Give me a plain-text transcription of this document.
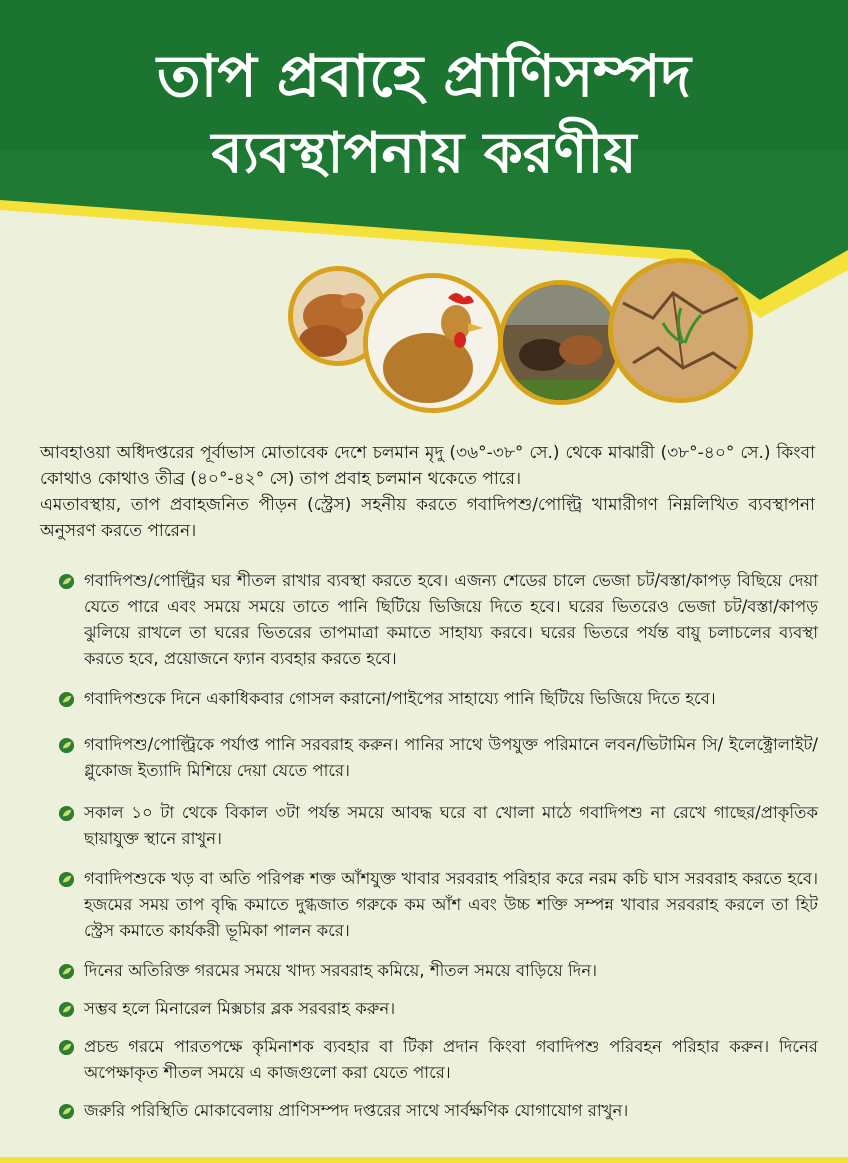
তাপ প্রবাহে প্রাণিসম্পদ
ব্যবস্থাপনায় করণীয়
আবহাওয়া অধিদপ্তরের পূর্বাভাস মোতাবেক দেশে চলমান মৃদু (৩৬°-৩৮° সে.) থেকে মাঝারী (৩৮°-৪০° সে.) কিংবা কোথাও কোথাও তীব্র (৪০°-৪২° সে) তাপ প্রবাহ চলমান থকেতে পারে।
এমতাবস্থায়, তাপ প্রবাহজনিত পীড়ন (স্ট্রেস) সহনীয় করতে গবাদিপশু/পোল্ট্রি খামারীগণ নিম্নলিখিত ব্যবস্থাপনা অনুসরণ করতে পারেন।
গবাদিপশু/পোল্ট্রির ঘর শীতল রাখার ব্যবস্থা করতে হবে। এজন্য শেডের চালে ভেজা চট/বস্তা/কাপড় বিছিয়ে দেয়া যেতে পারে এবং সময়ে সময়ে তাতে পানি ছিটিয়ে ভিজিয়ে দিতে হবে। ঘরের ভিতরেও ভেজা চট/বস্তা/কাপড় ঝুলিয়ে রাখলে তা ঘরের ভিতরের তাপমাত্রা কমাতে সাহায্য করবে। ঘরের ভিতরে পর্যন্ত বায়ু চলাচলের ব্যবস্থা করতে হবে, প্রয়োজনে ফ্যান ব্যবহার করতে হবে।
গবাদিপশুকে দিনে একাধিকবার গোসল করানো/পাইপের সাহায্যে পানি ছিটিয়ে ভিজিয়ে দিতে হবে।
গবাদিপশু/পোল্ট্রিকে পর্যাপ্ত পানি সরবরাহ করুন। পানির সাথে উপযুক্ত পরিমানে লবন/ভিটামিন সি/ ইলেক্ট্রোলাইট/গ্লুকোজ ইত্যাদি মিশিয়ে দেয়া যেতে পারে।
সকাল ১০ টা থেকে বিকাল ৩টা পর্যন্ত সময়ে আবদ্ধ ঘরে বা খোলা মাঠে গবাদিপশু না রেখে গাছের/প্রাকৃতিক ছায়াযুক্ত স্থানে রাখুন।
গবাদিপশুকে খড় বা অতি পরিপক্ব শক্ত আঁশযুক্ত খাবার সরবরাহ পরিহার করে নরম কচি ঘাস সরবরাহ করতে হবে। হজমের সময় তাপ বৃদ্ধি কমাতে দুগ্ধজাত গরুকে কম আঁশ এবং উচ্চ শক্তি সম্পন্ন খাবার সরবরাহ করলে তা হিট স্ট্রেস কমাতে কার্যকরী ভূমিকা পালন করে।
দিনের অতিরিক্ত গরমের সময়ে খাদ্য সরবরাহ কমিয়ে, শীতল সময়ে বাড়িয়ে দিন।
সম্ভব হলে মিনারেল মিক্সচার ব্লক সরবরাহ করুন।
প্রচন্ড গরমে পারতপক্ষে কৃমিনাশক ব্যবহার বা টিকা প্রদান কিংবা গবাদিপশু পরিবহন পরিহার করুন। দিনের অপেক্ষাকৃত শীতল সময়ে এ কাজগুলো করা যেতে পারে।
জরুরি পরিস্থিতি মোকাবেলায় প্রাণিসম্পদ দপ্তরের সাথে সার্বক্ষণিক যোগাযোগ রাখুন।
